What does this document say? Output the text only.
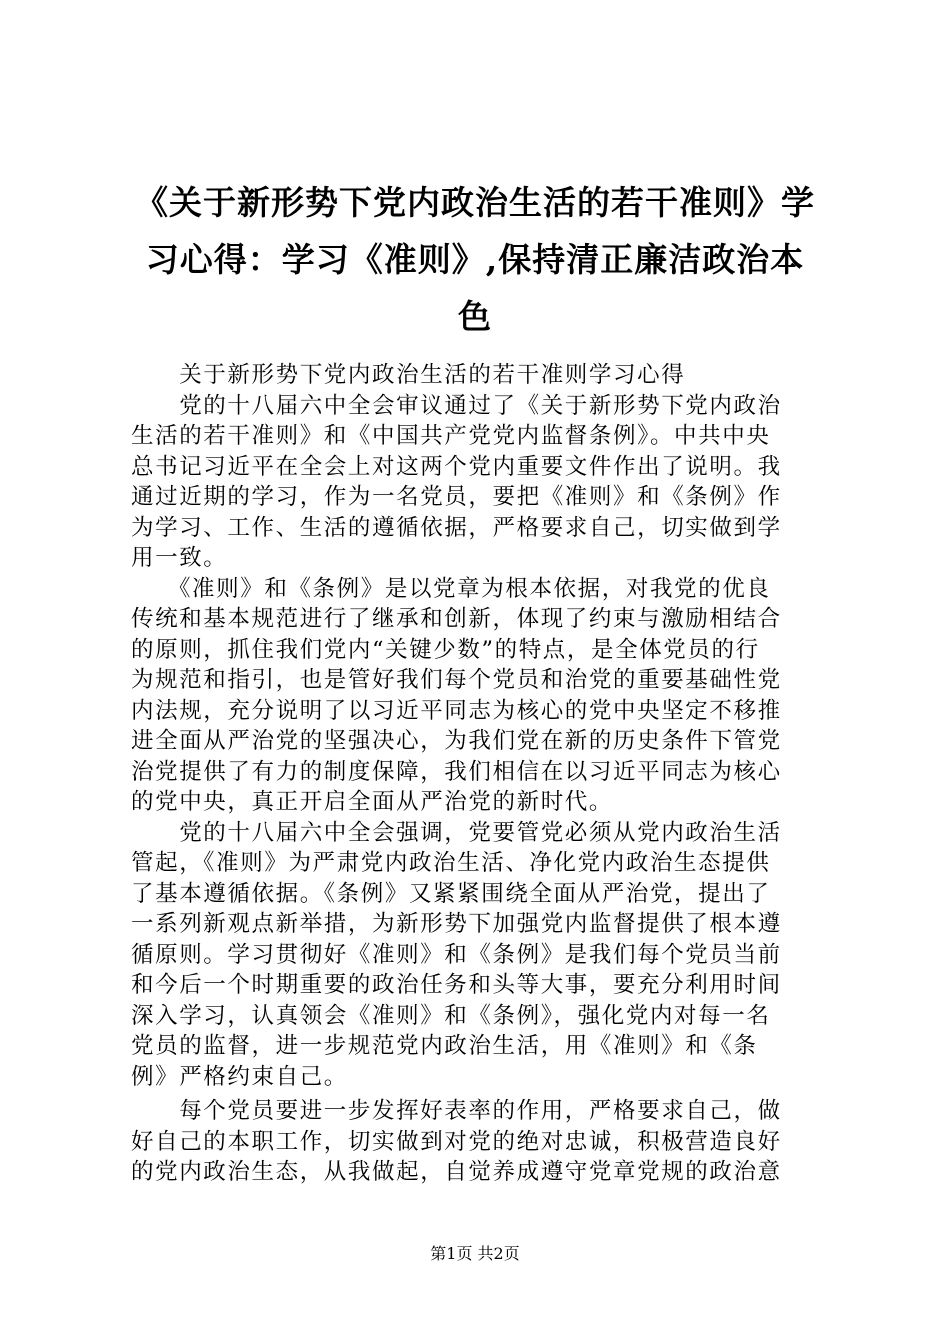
《关于新形势下党内政治生活的若干准则》学
习心得：学习《准则》,保持清正廉洁政治本
色
　　关于新形势下党内政治生活的若干准则学习心得
　　党的十八届六中全会审议通过了《关于新形势下党内政治
生活的若干准则》和《中国共产党党内监督条例》。中共中央
总书记习近平在全会上对这两个党内重要文件作出了说明。我
通过近期的学习，作为一名党员，要把《准则》和《条例》作
为学习、工作、生活的遵循依据，严格要求自己，切实做到学
用一致。
　　《准则》和《条例》是以党章为根本依据，对我党的优良
传统和基本规范进行了继承和创新，体现了约束与激励相结合
的原则，抓住我们党内“关键少数”的特点，是全体党员的行
为规范和指引，也是管好我们每个党员和治党的重要基础性党
内法规，充分说明了以习近平同志为核心的党中央坚定不移推
进全面从严治党的坚强决心，为我们党在新的历史条件下管党
治党提供了有力的制度保障，我们相信在以习近平同志为核心
的党中央，真正开启全面从严治党的新时代。
　　党的十八届六中全会强调，党要管党必须从党内政治生活
管起，《准则》为严肃党内政治生活、净化党内政治生态提供
了基本遵循依据。《条例》又紧紧围绕全面从严治党，提出了
一系列新观点新举措，为新形势下加强党内监督提供了根本遵
循原则。学习贯彻好《准则》和《条例》是我们每个党员当前
和今后一个时期重要的政治任务和头等大事，要充分利用时间
深入学习，认真领会《准则》和《条例》，强化党内对每一名
党员的监督，进一步规范党内政治生活，用《准则》和《条
例》严格约束自己。
　　每个党员要进一步发挥好表率的作用，严格要求自己，做
好自己的本职工作，切实做到对党的绝对忠诚，积极营造良好
的党内政治生态，从我做起，自觉养成遵守党章党规的政治意
第1页 共2页
